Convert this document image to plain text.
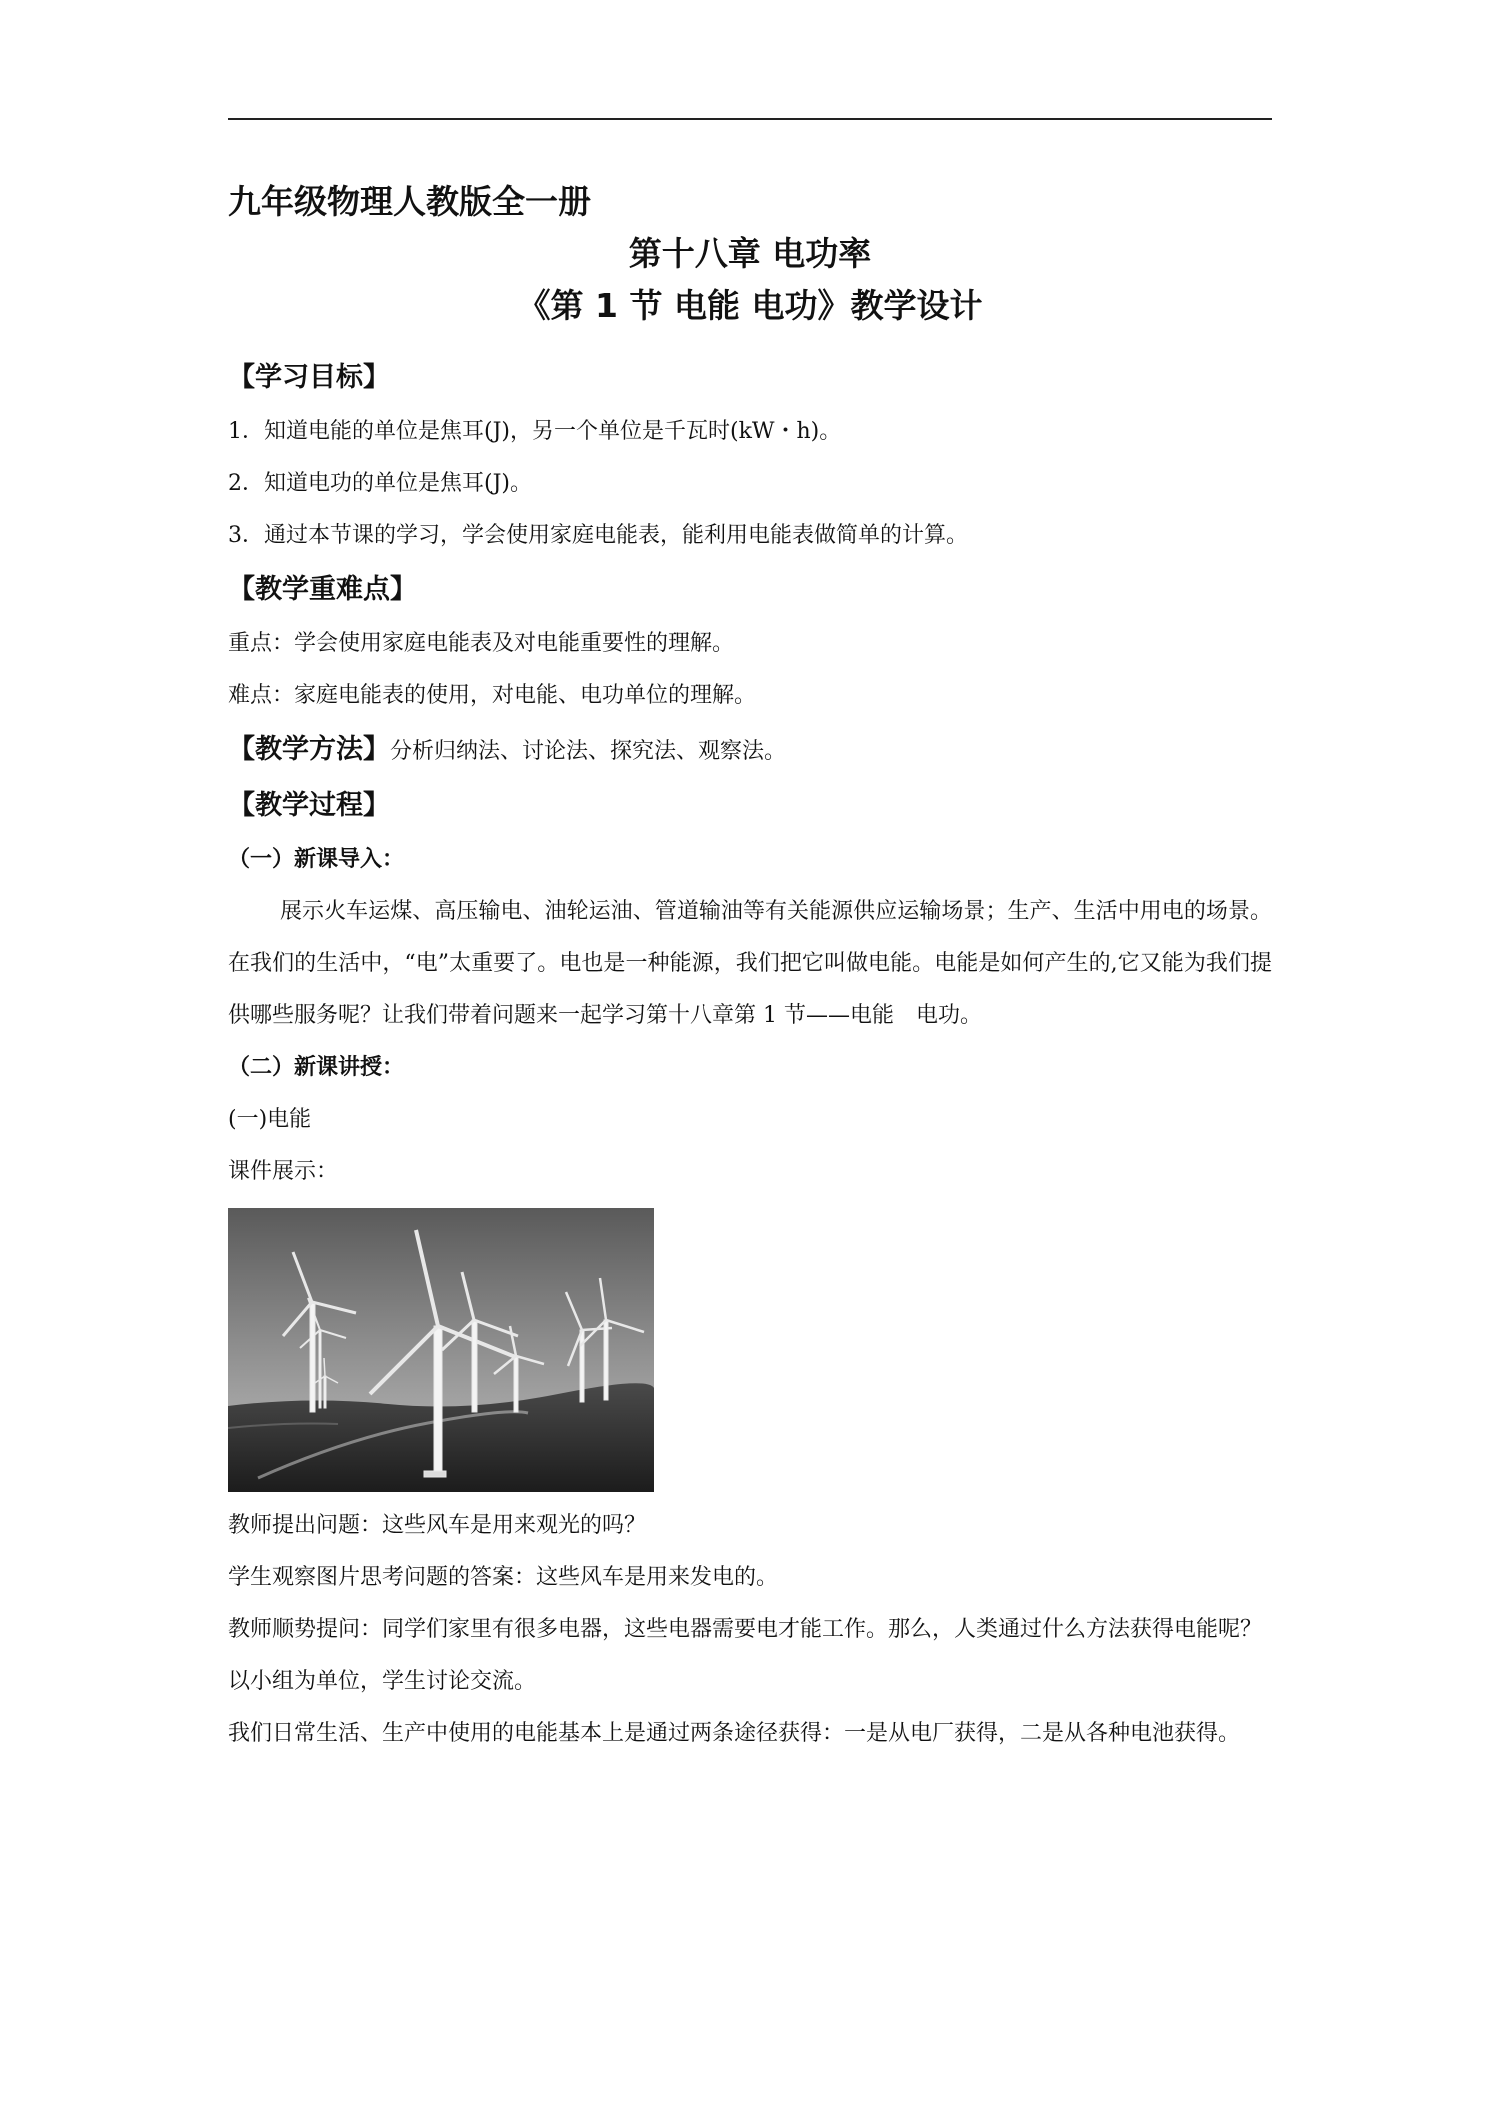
九年级物理人教版全一册

第十八章 电功率

《第 1 节 电能 电功》教学设计

【学习目标】

1．知道电能的单位是焦耳(J)，另一个单位是千瓦时(kW・h)。

2．知道电功的单位是焦耳(J)。

3．通过本节课的学习，学会使用家庭电能表，能利用电能表做简单的计算。

【教学重难点】

重点：学会使用家庭电能表及对电能重要性的理解。

难点：家庭电能表的使用，对电能、电功单位的理解。

【教学方法】分析归纳法、讨论法、探究法、观察法。

【教学过程】

（一）新课导入：

展示火车运煤、高压输电、油轮运油、管道输油等有关能源供应运输场景；生产、生活中用电的场景。在我们的生活中，“电”太重要了。电也是一种能源，我们把它叫做电能。电能是如何产生的,它又能为我们提供哪些服务呢？让我们带着问题来一起学习第十八章第 1 节——电能　电功。

（二）新课讲授：

(一)电能

课件展示：

教师提出问题：这些风车是用来观光的吗？

学生观察图片思考问题的答案：这些风车是用来发电的。

教师顺势提问：同学们家里有很多电器，这些电器需要电才能工作。那么，人类通过什么方法获得电能呢？

以小组为单位，学生讨论交流。

我们日常生活、生产中使用的电能基本上是通过两条途径获得：一是从电厂获得，二是从各种电池获得。
